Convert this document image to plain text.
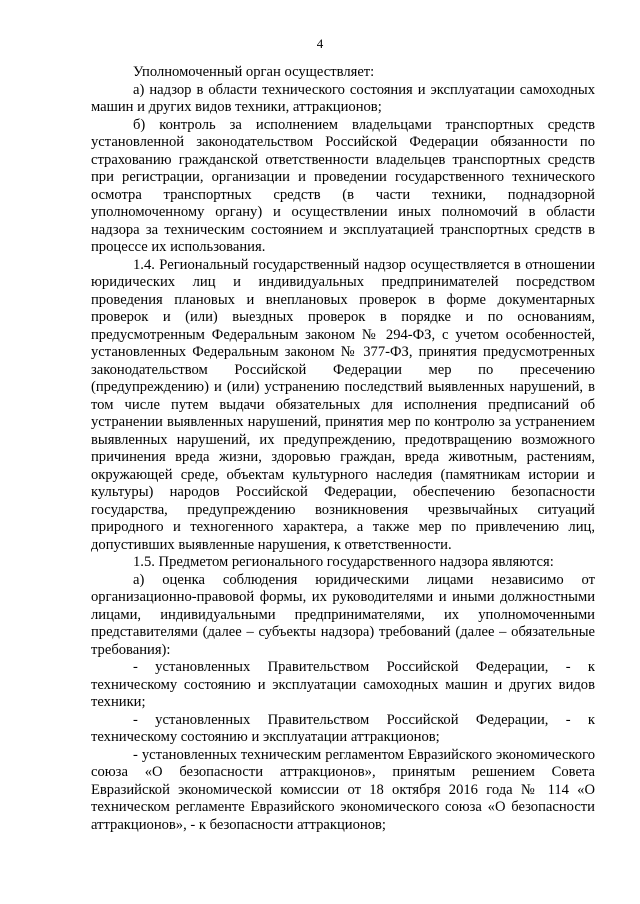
4

Уполномоченный орган осуществляет:

а) надзор в области технического состояния и эксплуатации самоходных машин и других видов техники, аттракционов;

б) контроль за исполнением владельцами транспортных средств установленной законодательством Российской Федерации обязанности по страхованию гражданской ответственности владельцев транспортных средств при регистрации, организации и проведении государственного технического осмотра транспортных средств (в части техники, поднадзорной уполномоченному органу) и осуществлении иных полномочий в области надзора за техническим состоянием и эксплуатацией транспортных средств в процессе их использования.

1.4. Региональный государственный надзор осуществляется в отношении юридических лиц и индивидуальных предпринимателей посредством проведения плановых и внеплановых проверок в форме документарных проверок и (или) выездных проверок в порядке и по основаниям, предусмотренным Федеральным законом № 294-ФЗ, с учетом особенностей, установленных Федеральным законом № 377-ФЗ, принятия предусмотренных законодательством Российской Федерации мер по пресечению (предупреждению) и (или) устранению последствий выявленных нарушений, в том числе путем выдачи обязательных для исполнения предписаний об устранении выявленных нарушений, принятия мер по контролю за устранением выявленных нарушений, их предупреждению, предотвращению возможного причинения вреда жизни, здоровью граждан, вреда животным, растениям, окружающей среде, объектам культурного наследия (памятникам истории и культуры) народов Российской Федерации, обеспечению безопасности государства, предупреждению возникновения чрезвычайных ситуаций природного и техногенного характера, а также мер по привлечению лиц, допустивших выявленные нарушения, к ответственности.

1.5. Предметом регионального государственного надзора являются:

а) оценка соблюдения юридическими лицами независимо от организационно-правовой формы, их руководителями и иными должностными лицами, индивидуальными предпринимателями, их уполномоченными представителями (далее – субъекты надзора) требований (далее – обязательные требования):

- установленных Правительством Российской Федерации, - к техническому состоянию и эксплуатации самоходных машин и других видов техники;

- установленных Правительством Российской Федерации, - к техническому состоянию и эксплуатации аттракционов;

- установленных техническим регламентом Евразийского экономического союза «О безопасности аттракционов», принятым решением Совета Евразийской экономической комиссии от 18 октября 2016 года № 114 «О техническом регламенте Евразийского экономического союза «О безопасности аттракционов», - к безопасности аттракционов;
